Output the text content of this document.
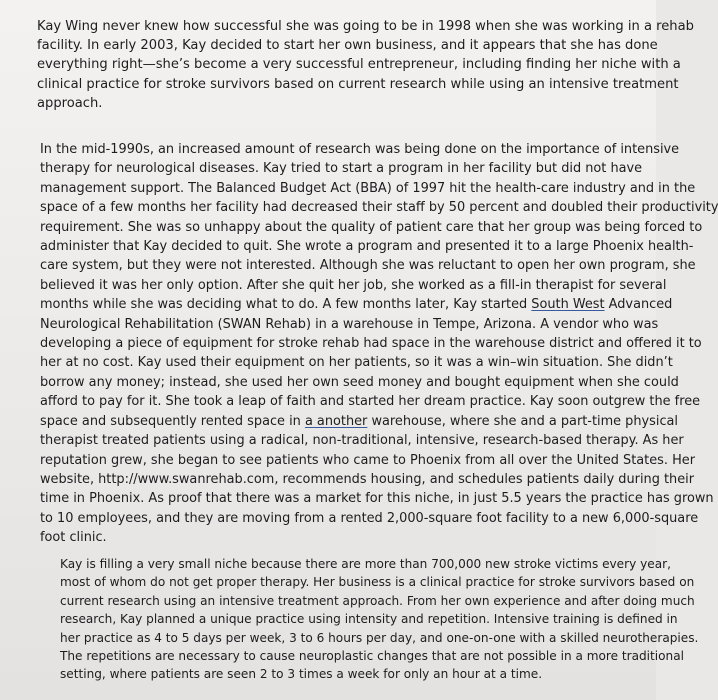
Kay Wing never knew how successful she was going to be in 1998 when she was working in a rehab
facility. In early 2003, Kay decided to start her own business, and it appears that she has done
everything right—she’s become a very successful entrepreneur, including finding her niche with a
clinical practice for stroke survivors based on current research while using an intensive treatment
approach.
In the mid-1990s, an increased amount of research was being done on the importance of intensive
therapy for neurological diseases. Kay tried to start a program in her facility but did not have
management support. The Balanced Budget Act (BBA) of 1997 hit the health-care industry and in the
space of a few months her facility had decreased their staff by 50 percent and doubled their productivity
requirement. She was so unhappy about the quality of patient care that her group was being forced to
administer that Kay decided to quit. She wrote a program and presented it to a large Phoenix health-
care system, but they were not interested. Although she was reluctant to open her own program, she
believed it was her only option. After she quit her job, she worked as a fill-in therapist for several
months while she was deciding what to do. A few months later, Kay started South West Advanced
Neurological Rehabilitation (SWAN Rehab) in a warehouse in Tempe, Arizona. A vendor who was
developing a piece of equipment for stroke rehab had space in the warehouse district and offered it to
her at no cost. Kay used their equipment on her patients, so it was a win–win situation. She didn’t
borrow any money; instead, she used her own seed money and bought equipment when she could
afford to pay for it. She took a leap of faith and started her dream practice. Kay soon outgrew the free
space and subsequently rented space in a another warehouse, where she and a part-time physical
therapist treated patients using a radical, non-traditional, intensive, research-based therapy. As her
reputation grew, she began to see patients who came to Phoenix from all over the United States. Her
website, http://www.swanrehab.com, recommends housing, and schedules patients daily during their
time in Phoenix. As proof that there was a market for this niche, in just 5.5 years the practice has grown
to 10 employees, and they are moving from a rented 2,000-square foot facility to a new 6,000-square
foot clinic.
Kay is filling a very small niche because there are more than 700,000 new stroke victims every year,
most of whom do not get proper therapy. Her business is a clinical practice for stroke survivors based on
current research using an intensive treatment approach. From her own experience and after doing much
research, Kay planned a unique practice using intensity and repetition. Intensive training is defined in
her practice as 4 to 5 days per week, 3 to 6 hours per day, and one-on-one with a skilled neurotherapies.
The repetitions are necessary to cause neuroplastic changes that are not possible in a more traditional
setting, where patients are seen 2 to 3 times a week for only an hour at a time.
